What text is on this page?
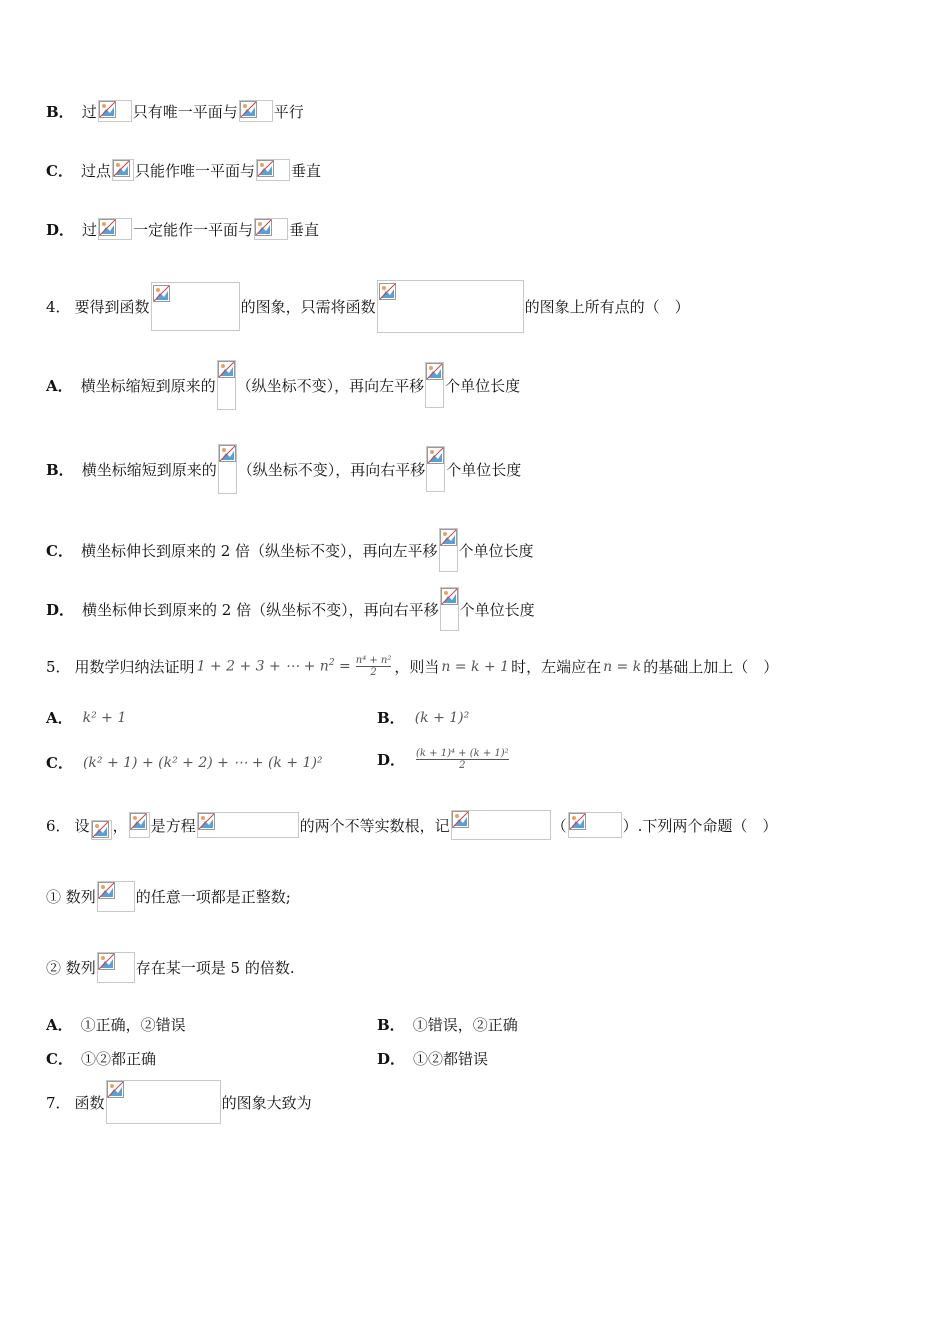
B． 过 只有唯一平面与 平行
C． 过点 只能作唯一平面与 垂直
D． 过 一定能作一平面与 垂直
4． 要得到函数	的图象，只需将函数	的图象上所有点的（　）
A． 横坐标缩短到原来的 （纵坐标不变），再向左平移 个单位长度
B． 横坐标缩短到原来的 （纵坐标不变），再向右平移 个单位长度
C． 横坐标伸长到原来的 2 倍（纵坐标不变），再向左平移 个单位长度
D． 横坐标伸长到原来的 2 倍（纵坐标不变），再向右平移 个单位长度
5． 用数学归纳法证明 1 + 2 + 3 + ⋯ + $n^2 = \frac{\text{n⁴ + n²}}{2}$ ，则当 n = k + 1 时，左端应在 n = k 的基础上加上（　）
A． k² + 1	B． (k + 1)²
C． (k² + 1) + (k² + 2) + ⋯ + (k + 1)²	D． $\frac{\text{(k + 1)⁴ + (k + 1)²}}{2}$
6． 设 ， 是方程	的两个不等实数根，记	（	）.下列两个命题（　）
① 数列	的任意一项都是正整数;
② 数列	存在某一项是 5 的倍数.
A． ①正确，②错误	B． ①错误，②正确
C． ①②都正确	D． ①②都错误
7． 函数	的图象大致为
